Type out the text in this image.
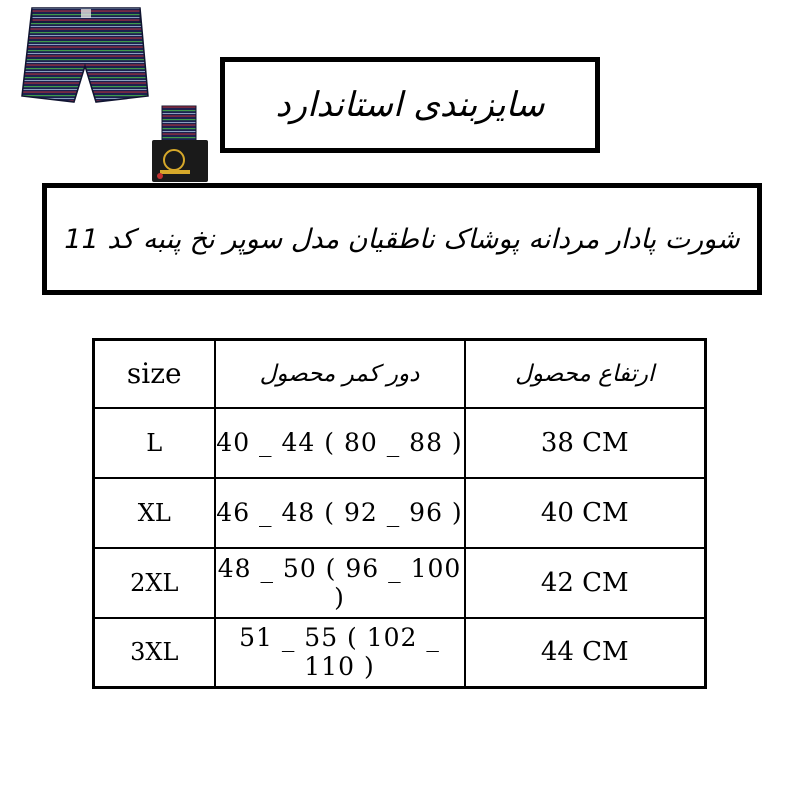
سایزبندی استاندارد
شورت پادار مردانه پوشاک ناطقیان مدل سوپر نخ پنبه کد 11
size	دور کمر محصول	ارتفاع محصول
L	40 _ 44 ( 80 _ 88 )	38 CM
XL	46 _ 48 ( 92 _ 96 )	40 CM
2XL	48 _ 50 ( 96 _ 100 )	42 CM
3XL	51 _ 55 ( 102 _ 110 )	44 CM
